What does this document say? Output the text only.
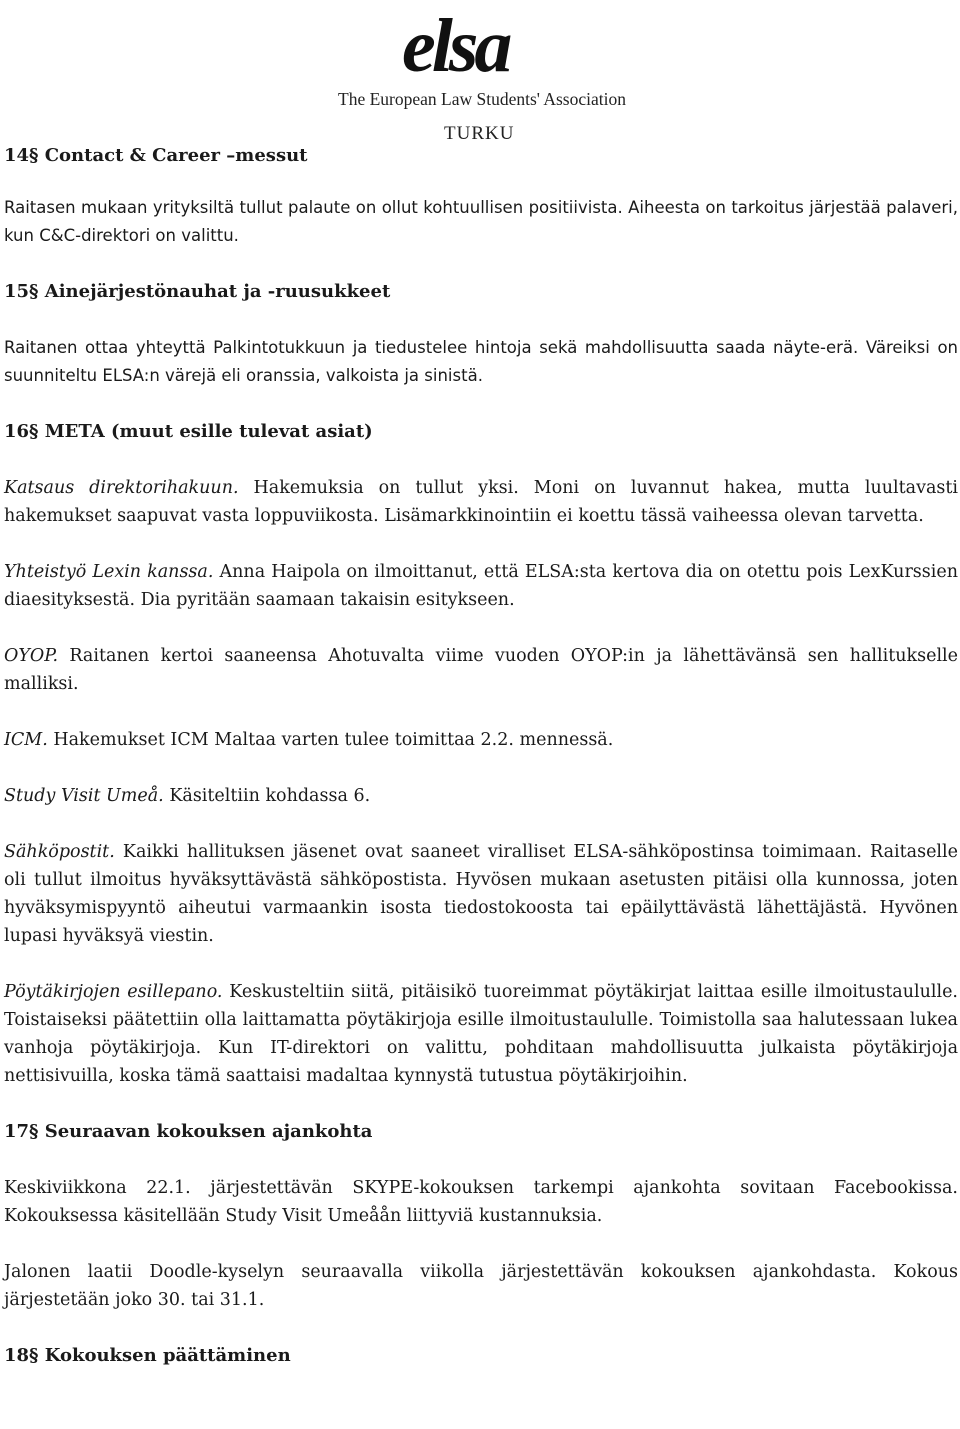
elsa
The European Law Students' Association
TURKU
14§ Contact & Career –messut

Raitasen mukaan yrityksiltä tullut palaute on ollut kohtuullisen positiivista. Aiheesta on tarkoitus järjestää palaveri, kun C&C-direktori on valittu.

15§ Ainejärjestönauhat ja -ruusukkeet

Raitanen ottaa yhteyttä Palkintotukkuun ja tiedustelee hintoja sekä mahdollisuutta saada näyte-erä. Väreiksi on suunniteltu ELSA:n värejä eli oranssia, valkoista ja sinistä.

16§ META (muut esille tulevat asiat)

Katsaus direktorihakuun. Hakemuksia on tullut yksi. Moni on luvannut hakea, mutta luultavasti hakemukset saapuvat vasta loppuviikosta. Lisämarkkinointiin ei koettu tässä vaiheessa olevan tarvetta.

Yhteistyö Lexin kanssa. Anna Haipola on ilmoittanut, että ELSA:sta kertova dia on otettu pois LexKurssien diaesityksestä. Dia pyritään saamaan takaisin esitykseen.

OYOP. Raitanen kertoi saaneensa Ahotuvalta viime vuoden OYOP:in ja lähettävänsä sen hallitukselle malliksi.

ICM. Hakemukset ICM Maltaa varten tulee toimittaa 2.2. mennessä.

Study Visit Umeå. Käsiteltiin kohdassa 6.

Sähköpostit. Kaikki hallituksen jäsenet ovat saaneet viralliset ELSA-sähköpostinsa toimimaan. Raitaselle oli tullut ilmoitus hyväksyttävästä sähköpostista. Hyvösen mukaan asetusten pitäisi olla kunnossa, joten hyväksymispyyntö aiheutui varmaankin isosta tiedostokoosta tai epäilyttävästä lähettäjästä. Hyvönen lupasi hyväksyä viestin.

Pöytäkirjojen esillepano. Keskusteltiin siitä, pitäisikö tuoreimmat pöytäkirjat laittaa esille ilmoitustaululle. Toistaiseksi päätettiin olla laittamatta pöytäkirjoja esille ilmoitustaululle. Toimistolla saa halutessaan lukea vanhoja pöytäkirjoja. Kun IT-direktori on valittu, pohditaan mahdollisuutta julkaista pöytäkirjoja nettisivuilla, koska tämä saattaisi madaltaa kynnystä tutustua pöytäkirjoihin.

17§ Seuraavan kokouksen ajankohta

Keskiviikkona 22.1. järjestettävän SKYPE-kokouksen tarkempi ajankohta sovitaan Facebookissa. Kokouksessa käsitellään Study Visit Umeåån liittyviä kustannuksia.

Jalonen laatii Doodle-kyselyn seuraavalla viikolla järjestettävän kokouksen ajankohdasta. Kokous järjestetään joko 30. tai 31.1.

18§ Kokouksen päättäminen
